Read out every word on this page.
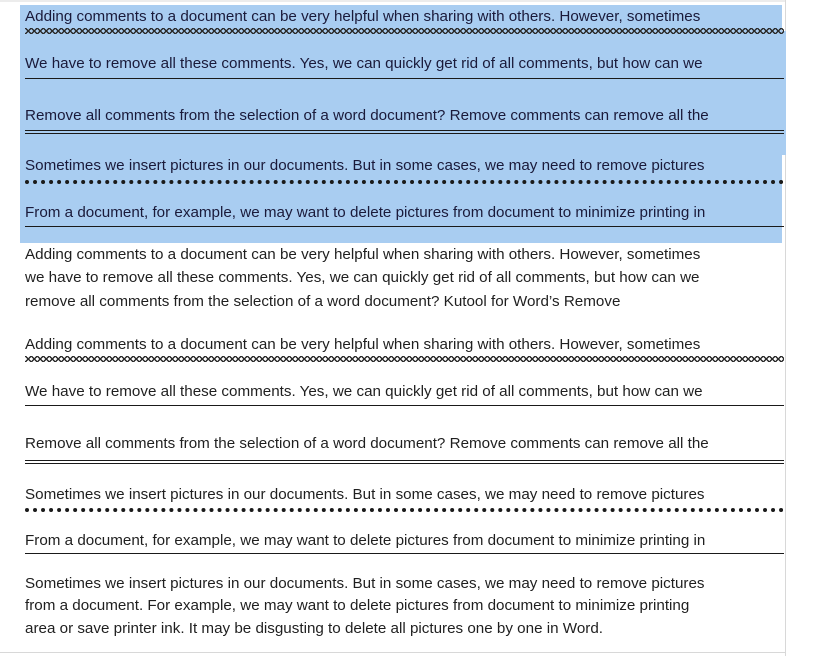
Adding comments to a document can be very helpful when sharing with others. However, sometimes
We have to remove all these comments. Yes, we can quickly get rid of all comments, but how can we
Remove all comments from the selection of a word document? Remove comments can remove all the
Sometimes we insert pictures in our documents. But in some cases, we may need to remove pictures
From a document, for example, we may want to delete pictures from document to minimize printing in
Adding comments to a document can be very helpful when sharing with others. However, sometimes
we have to remove all these comments. Yes, we can quickly get rid of all comments, but how can we
remove all comments from the selection of a word document? Kutool for Word’s Remove
Adding comments to a document can be very helpful when sharing with others. However, sometimes
We have to remove all these comments. Yes, we can quickly get rid of all comments, but how can we
Remove all comments from the selection of a word document? Remove comments can remove all the
Sometimes we insert pictures in our documents. But in some cases, we may need to remove pictures
From a document, for example, we may want to delete pictures from document to minimize printing in
Sometimes we insert pictures in our documents. But in some cases, we may need to remove pictures
from a document. For example, we may want to delete pictures from document to minimize printing
area or save printer ink. It may be disgusting to delete all pictures one by one in Word.
